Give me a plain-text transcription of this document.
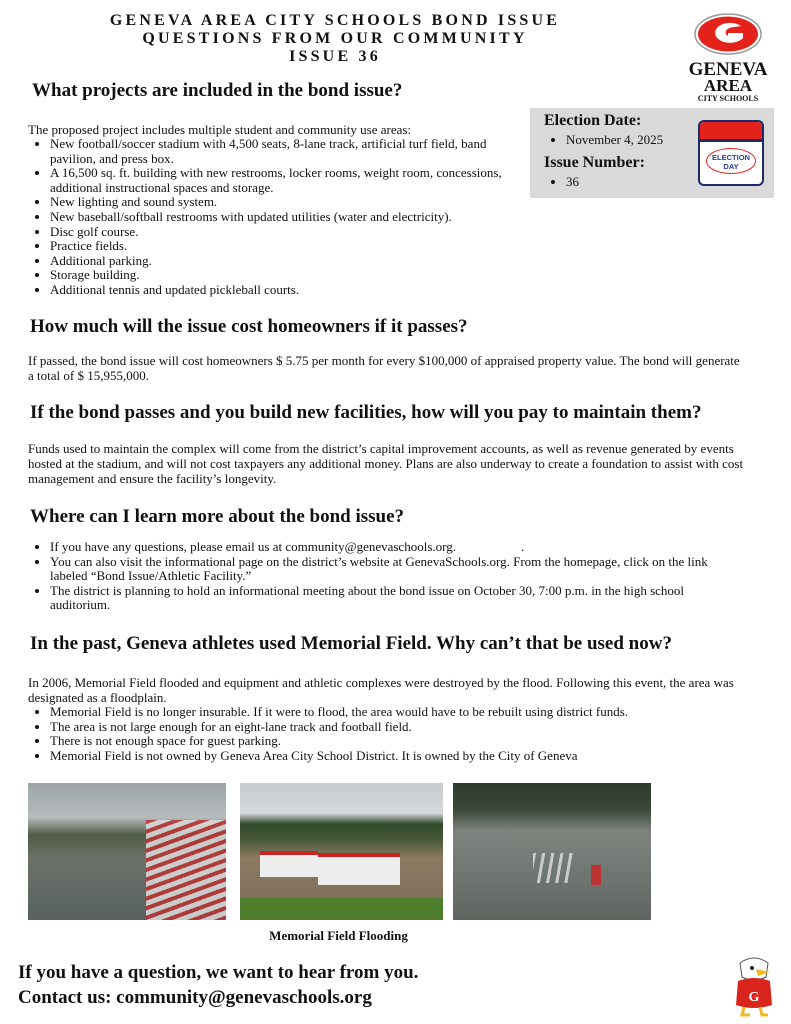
GENEVA AREA CITY SCHOOLS BOND ISSUE
QUESTIONS FROM OUR COMMUNITY
ISSUE 36
GENEVA
AREA
CITY SCHOOLS
What projects are included in the bond issue?
Election Date:
• November 4, 2025
Issue Number:
• 36
ELECTION
DAY

The proposed project includes multiple student and community use areas:

• New football/soccer stadium with 4,500 seats, 8-lane track, artificial turf field, band pavilion, and press box.
• A 16,500 sq. ft. building with new restrooms, locker rooms, weight room, concessions, additional instructional spaces and storage.
• New lighting and sound system.
• New baseball/softball restrooms with updated utilities (water and electricity).
• Disc golf course.
• Practice fields.
• Additional parking.
• Storage building.
• Additional tennis and updated pickleball courts.
How much will the issue cost homeowners if it passes?

If passed, the bond issue will cost homeowners $ 5.75 per month for every $100,000 of appraised property value. The bond will generate a total of $ 15,955,000.

If the bond passes and you build new facilities, how will you pay to maintain them?

Funds used to maintain the complex will come from the district’s capital improvement accounts, as well as revenue generated by events hosted at the stadium, and will not cost taxpayers any additional money. Plans are also underway to create a foundation to assist with cost management and ensure the facility’s longevity.

Where can I learn more about the bond issue?
• If you have any questions, please email us at community@genevaschools.org.                    .
• You can also visit the informational page on the district’s website at GenevaSchools.org. From the homepage, click on the link labeled “Bond Issue/Athletic Facility.”
• The district is planning to hold an informational meeting about the bond issue on October 30, 7:00 p.m. in the high school auditorium.
In the past, Geneva athletes used Memorial Field. Why can’t that be used now?

In 2006, Memorial Field flooded and equipment and athletic complexes were destroyed by the flood. Following this event, the area was designated as a floodplain.

• Memorial Field is no longer insurable. If it were to flood, the area would have to be rebuilt using district funds.
• The area is not large enough for an eight-lane track and football field.
• There is not enough space for guest parking.
• Memorial Field is not owned by Geneva Area City School District. It is owned by the City of Geneva
Memorial Field Flooding
If you have a question, we want to hear from you.
Contact us: community@genevaschools.org	G
